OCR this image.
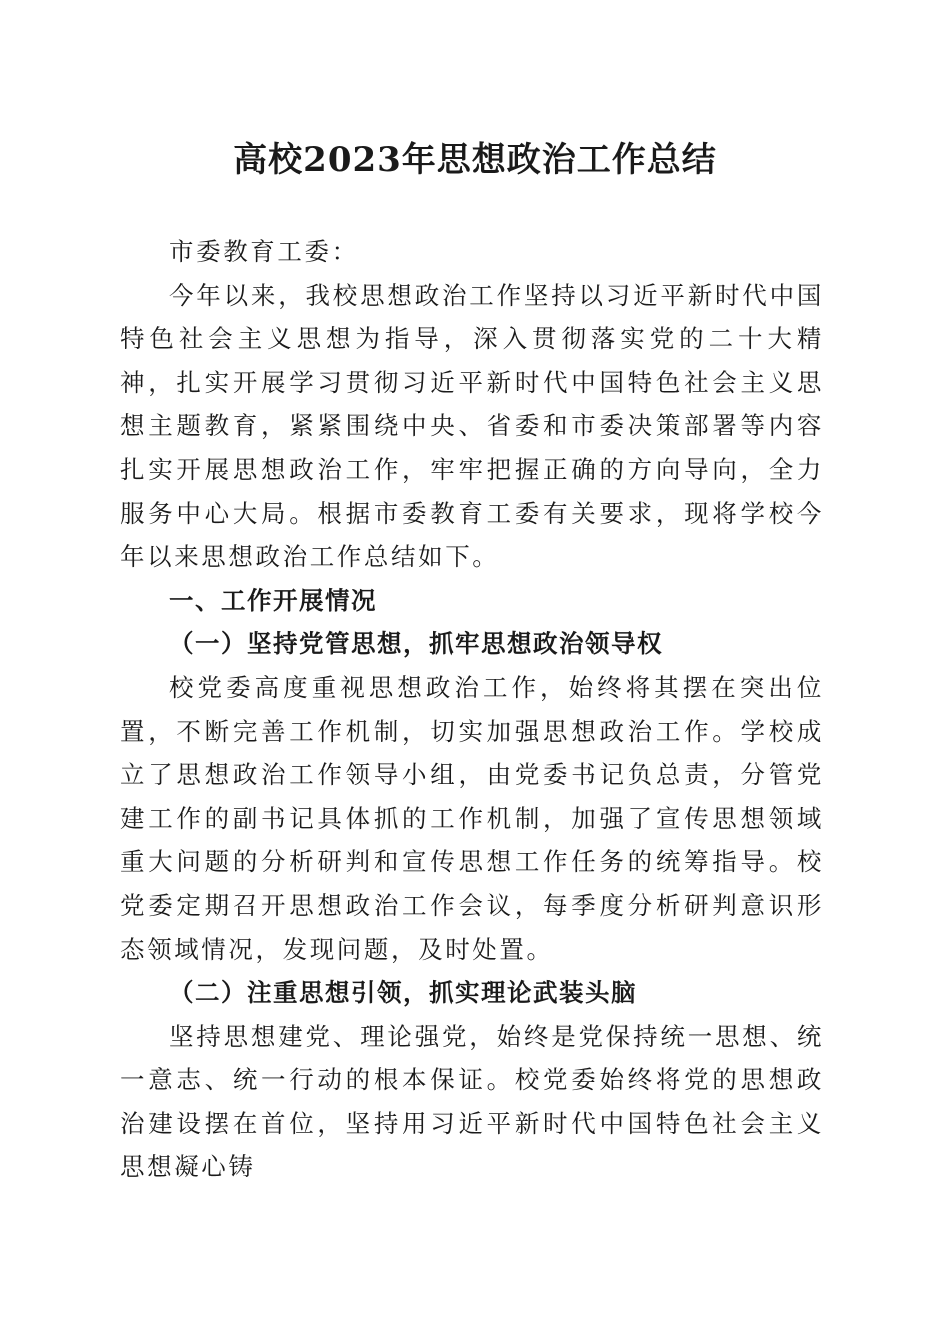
高校2023年思想政治工作总结

市委教育工委：

今年以来，我校思想政治工作坚持以习近平新时代中国特色社会主义思想为指导，深入贯彻落实党的二十大精神，扎实开展学习贯彻习近平新时代中国特色社会主义思想主题教育，紧紧围绕中央、省委和市委决策部署等内容扎实开展思想政治工作，牢牢把握正确的方向导向，全力服务中心大局。根据市委教育工委有关要求，现将学校今年以来思想政治工作总结如下。

一、工作开展情况

（一）坚持党管思想，抓牢思想政治领导权

校党委高度重视思想政治工作，始终将其摆在突出位置，不断完善工作机制，切实加强思想政治工作。学校成立了思想政治工作领导小组，由党委书记负总责，分管党建工作的副书记具体抓的工作机制，加强了宣传思想领域重大问题的分析研判和宣传思想工作任务的统筹指导。校党委定期召开思想政治工作会议，每季度分析研判意识形态领域情况，发现问题，及时处置。

（二）注重思想引领，抓实理论武装头脑

坚持思想建党、理论强党，始终是党保持统一思想、统一意志、统一行动的根本保证。校党委始终将党的思想政治建设摆在首位，坚持用习近平新时代中国特色社会主义思想凝心铸
